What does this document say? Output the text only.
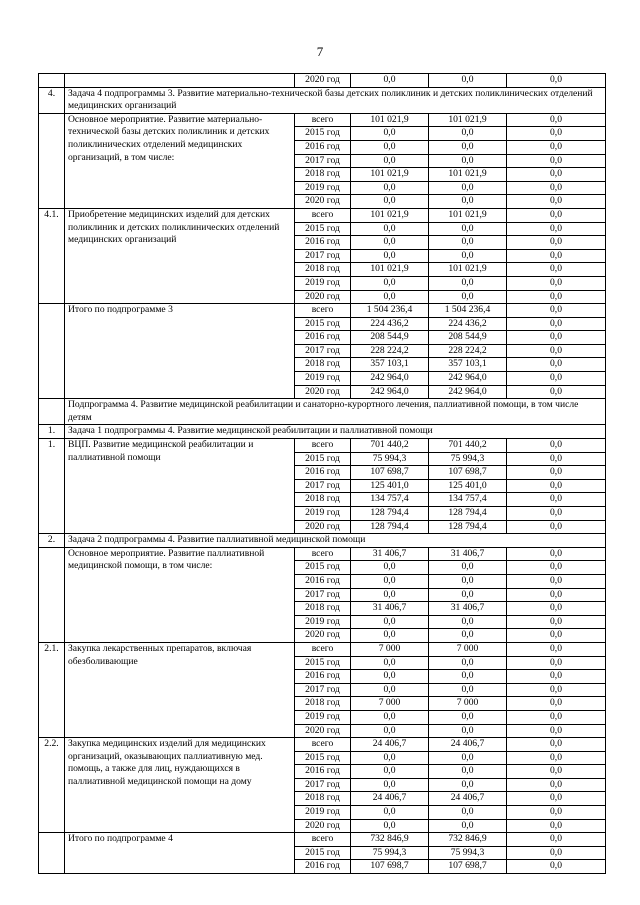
7
		2020 год	0,0	0,0	0,0
4.	Задача 4 подпрограммы 3. Развитие материально-технической базы детских поликлиник и детских поликлинических отделений медицинских организаций				
	Основное мероприятие. Развитие материально-технической базы детских поликлиник и детских поликлинических отделений медицинских организаций, в том числе:	всего	101 021,9	101 021,9	0,0
		2015 год	0,0	0,0	0,0
		2016 год	0,0	0,0	0,0
		2017 год	0,0	0,0	0,0
		2018 год	101 021,9	101 021,9	0,0
		2019 год	0,0	0,0	0,0
		2020 год	0,0	0,0	0,0
4.1.	Приобретение медицинских изделий для детских поликлиник и детских поликлинических отделений медицинских организаций	всего	101 021,9	101 021,9	0,0
		2015 год	0,0	0,0	0,0
		2016 год	0,0	0,0	0,0
		2017 год	0,0	0,0	0,0
		2018 год	101 021,9	101 021,9	0,0
		2019 год	0,0	0,0	0,0
		2020 год	0,0	0,0	0,0
	Итого по подпрограмме 3	всего	1 504 236,4	1 504 236,4	0,0
		2015 год	224 436,2	224 436,2	0,0
		2016 год	208 544,9	208 544,9	0,0
		2017 год	228 224,2	228 224,2	0,0
		2018 год	357 103,1	357 103,1	0,0
		2019 год	242 964,0	242 964,0	0,0
		2020 год	242 964,0	242 964,0	0,0
	Подпрограмма 4. Развитие медицинской реабилитации и санаторно-курортного лечения, паллиативной помощи, в том числе детям				
1.	Задача 1 подпрограммы 4. Развитие медицинской реабилитации и паллиативной помощи				
1.	ВЦП. Развитие медицинской реабилитации и паллиативной помощи	всего	701 440,2	701 440,2	0,0
		2015 год	75 994,3	75 994,3	0,0
		2016 год	107 698,7	107 698,7	0,0
		2017 год	125 401,0	125 401,0	0,0
		2018 год	134 757,4	134 757,4	0,0
		2019 год	128 794,4	128 794,4	0,0
		2020 год	128 794,4	128 794,4	0,0
2.	Задача 2 подпрограммы 4. Развитие паллиативной медицинской помощи				
	Основное мероприятие. Развитие паллиативной медицинской помощи, в том числе:	всего	31 406,7	31 406,7	0,0
		2015 год	0,0	0,0	0,0
		2016 год	0,0	0,0	0,0
		2017 год	0,0	0,0	0,0
		2018 год	31 406,7	31 406,7	0,0
		2019 год	0,0	0,0	0,0
		2020 год	0,0	0,0	0,0
2.1.	Закупка лекарственных препаратов, включая обезболивающие	всего	7 000	7 000	0,0
		2015 год	0,0	0,0	0,0
		2016 год	0,0	0,0	0,0
		2017 год	0,0	0,0	0,0
		2018 год	7 000	7 000	0,0
		2019 год	0,0	0,0	0,0
		2020 год	0,0	0,0	0,0
2.2.	Закупка медицинских изделий для медицинских организаций, оказывающих паллиативную мед. помощь, а также для лиц, нуждающихся в паллиативной медицинской помощи на дому	всего	24 406,7	24 406,7	0,0
		2015 год	0,0	0,0	0,0
		2016 год	0,0	0,0	0,0
		2017 год	0,0	0,0	0,0
		2018 год	24 406,7	24 406,7	0,0
		2019 год	0,0	0,0	0,0
		2020 год	0,0	0,0	0,0
	Итого по подпрограмме 4	всего	732 846,9	732 846,9	0,0
		2015 год	75 994,3	75 994,3	0,0
		2016 год	107 698,7	107 698,7	0,0
